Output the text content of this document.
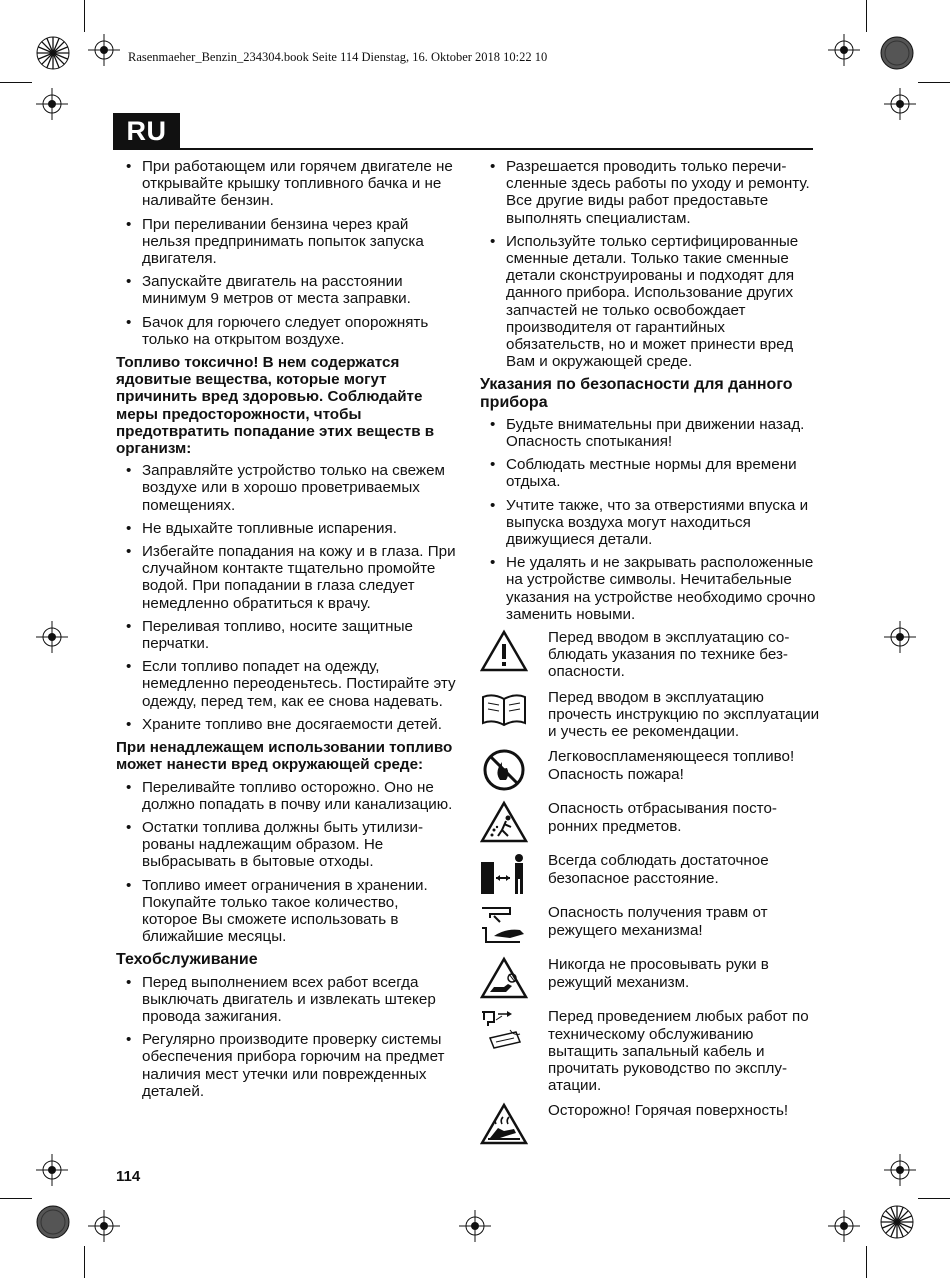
Rasenmaeher_Benzin_234304.book Seite 114 Dienstag, 16. Oktober 2018 10:22 10
RU
• При работающем или горячем двигателе не открывайте крышку топливного бачка и не наливайте бензин.
• При переливании бензина через край нельзя предпринимать попыток запуска двигателя.
• Запускайте двигатель на расстоянии минимум 9 метров от места заправки.
• Бачок для горючего следует опорожнять только на открытом воздухе.

Топливо токсично! В нем содержатся ядовитые вещества, которые могут причинить вред здоровью. Соблюдайте меры предосторожности, чтобы предотвратить попадание этих веществ в организм:

• Заправляйте устройство только на свежем воздухе или в хорошо проветриваемых помещениях.
• Не вдыхайте топливные испарения.
• Избегайте попадания на кожу и в глаза. При случайном контакте тщательно промойте водой. При попадании в глаза следует немедленно обратиться к врачу.
• Переливая топливо, носите защитные перчатки.
• Если топливо попадет на одежду, немедленно переоденьтесь. Постирайте эту одежду, перед тем, как ее снова надевать.
• Храните топливо вне досягаемости детей.

При ненадлежащем использовании топливо может нанести вред окружающей среде:

• Переливайте топливо осторожно. Оно не должно попадать в почву или канализацию.
• Остатки топлива должны быть утилизированы надлежащим образом. Не выбрасывать в бытовые отходы.
• Топливо имеет ограничения в хранении. Покупайте только такое количество, которое Вы сможете использовать в ближайшие месяцы.
Техобслуживание
• Перед выполнением всех работ всегда выключать двигатель и извлекать штекер провода зажигания.
• Регулярно производите проверку системы обеспечения прибора горючим на предмет наличия мест утечки или поврежденных деталей.
• Разрешается проводить только перечисленные здесь работы по уходу и ремонту. Все другие виды работ предоставьте выполнять специалистам.
• Используйте только сертифицированные сменные детали. Только такие сменные детали сконструированы и подходят для данного прибора. Использование других запчастей не только освобождает производителя от гарантийных обязательств, но и может принести вред Вам и окружающей среде.
Указания по безопасности для данного прибора
• Будьте внимательны при движении назад. Опасность спотыкания!
• Соблюдать местные нормы для времени отдыха.
• Учтите также, что за отверстиями впуска и выпуска воздуха могут находиться движущиеся детали.
• Не удалять и не закрывать расположенные на устройстве символы. Нечитабельные указания на устройстве необходимо срочно заменить новыми.
Перед вводом в эксплуатацию соблюдать указания по технике безопасности.
Перед вводом в эксплуатацию прочесть инструкцию по эксплуатации и учесть ее рекомендации.
Легковоспламеняющееся топливо! Опасность пожара!
Опасность отбрасывания посторонних предметов.
Всегда соблюдать достаточное безопасное расстояние.
Опасность получения травм от режущего механизма!
Никогда не просовывать руки в режущий механизм.
Перед проведением любых работ по техническому обслуживанию вытащить запальный кабель и прочитать руководство по эксплуатации.
Осторожно! Горячая поверхность!
114
